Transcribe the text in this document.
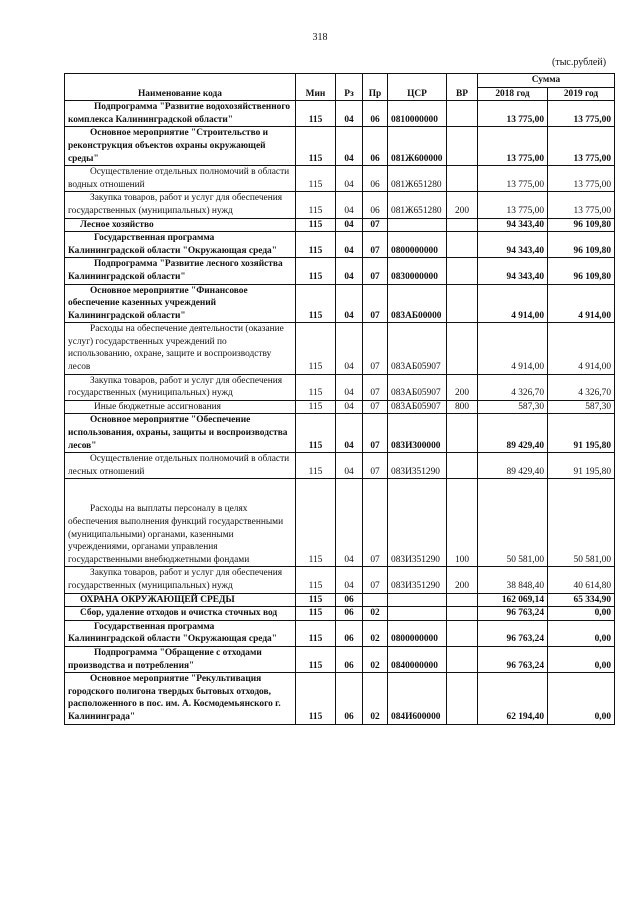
318
(тыс.рублей)
Наименование кода	Мин	Рз	Пр	ЦСР	ВР	Сумма	
						2018 год	2019 год
Подпрограмма "Развитие водохозяйственного комплекса Калининградской области"	115	04	06	0810000000		13 775,00	13 775,00
Основное мероприятие "Строительство и реконструкция объектов охраны окружающей среды"	115	04	06	081Ж600000		13 775,00	13 775,00
Осуществление отдельных полномочий в области водных отношений	115	04	06	081Ж651280		13 775,00	13 775,00
Закупка товаров, работ и услуг для обеспечения государственных (муниципальных) нужд	115	04	06	081Ж651280	200	13 775,00	13 775,00
Лесное хозяйство	115	04	07			94 343,40	96 109,80
Государственная программа Калининградской области "Окружающая среда"	115	04	07	0800000000		94 343,40	96 109,80
Подпрограмма "Развитие лесного хозяйства Калининградской области"	115	04	07	0830000000		94 343,40	96 109,80
Основное мероприятие "Финансовое обеспечение казенных учреждений Калининградской области"	115	04	07	083АБ00000		4 914,00	4 914,00
Расходы на обеспечение деятельности (оказание услуг) государственных учреждений по использованию, охране, защите и воспроизводству лесов	115	04	07	083АБ05907		4 914,00	4 914,00
Закупка товаров, работ и услуг для обеспечения государственных (муниципальных) нужд	115	04	07	083АБ05907	200	4 326,70	4 326,70
Иные бюджетные ассигнования	115	04	07	083АБ05907	800	587,30	587,30
Основное мероприятие "Обеспечение использования, охраны, защиты и воспроизводства лесов"	115	04	07	083И300000		89 429,40	91 195,80
Осуществление отдельных полномочий в области лесных отношений	115	04	07	083И351290		89 429,40	91 195,80
Расходы на выплаты персоналу в целях обеспечения выполнения функций государственными (муниципальными) органами, казенными учреждениями, органами управления государственными внебюджетными фондами	115	04	07	083И351290	100	50 581,00	50 581,00
Закупка товаров, работ и услуг для обеспечения государственных (муниципальных) нужд	115	04	07	083И351290	200	38 848,40	40 614,80
ОХРАНА ОКРУЖАЮЩЕЙ СРЕДЫ	115	06				162 069,14	65 334,90
Сбор, удаление отходов и очистка сточных вод	115	06	02			96 763,24	0,00
Государственная программа Калининградской области "Окружающая среда"	115	06	02	0800000000		96 763,24	0,00
Подпрограмма "Обращение с отходами производства и потребления"	115	06	02	0840000000		96 763,24	0,00
Основное мероприятие "Рекультивация городского полигона твердых бытовых отходов, расположенного в пос. им. А. Космодемьянского г. Калининграда"	115	06	02	084И600000		62 194,40	0,00
